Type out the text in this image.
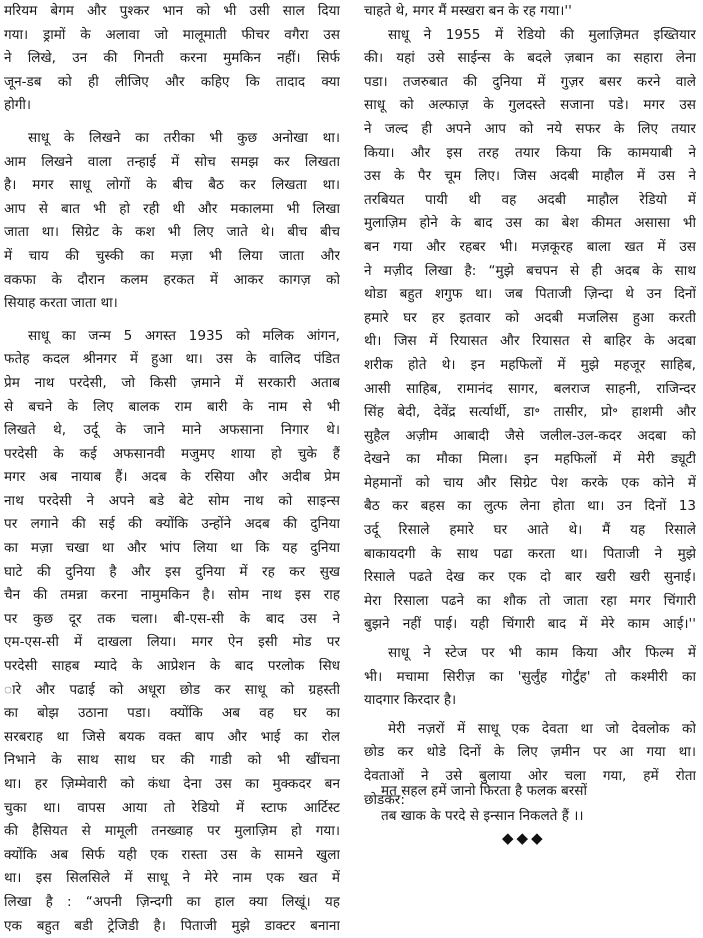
मरियम बेगम और पुश्कर भान को भी उसी साल दिया
गया। ड्रामों के अलावा जो मालूमाती फीचर वगैरा उस
ने लिखे, उन की गिनती करना मुमकिन नहीं। सिर्फ
जून-डब को ही लीजिए और कहिए कि तादाद क्या
होगी।
साधू के लिखने का तरीका भी कुछ अनोखा था।
आम लिखने वाला तन्हाई में सोच समझ कर लिखता
है। मगर साधू लोगों के बीच बैठ कर लिखता था।
आप से बात भी हो रही थी और मकालमा भी लिखा
जाता था। सिग्रेट के कश भी लिए जाते थे। बीच बीच
में चाय की चुस्की का मज़ा भी लिया जाता और
वकफा के दौरान कलम हरकत में आकर कागज़ को
सियाह करता जाता था।
साधू का जन्म 5 अगस्त 1935 को मलिक आंगन,
फतेह कदल श्रीनगर में हुआ था। उस के वालिद पंडित
प्रेम नाथ परदेसी, जो किसी ज़माने में सरकारी अताब
से बचने के लिए बालक राम बारी के नाम से भी
लिखते थे, उर्दू के जाने माने अफसाना निगार थे।
परदेसी के कई अफसानवी मजुमए शाया हो चुके हैं
मगर अब नायाब हैं। अदब के रसिया और अदीब प्रेम
नाथ परदेसी ने अपने बडे बेटे सोम नाथ को साइन्स
पर लगाने की सई की क्योंकि उन्होंने अदब की दुनिया
का मज़ा चखा था और भांप लिया था कि यह दुनिया
घाटे की दुनिया है और इस दुनिया में रह कर सुख
चैन की तमन्ना करना नामुमकिन है। सोम नाथ इस राह
पर कुछ दूर तक चला। बी-एस-सी के बाद उस ने
एम-एस-सी में दाखला लिया। मगर ऐन इसी मोड पर
परदेसी साहब म्यादे के आप्रेशन के बाद परलोक सिध
ारे और पढाई को अधूरा छोड कर साधू को ग्रहस्ती
का बोझ उठाना पडा। क्योंकि अब वह घर का
सरबराह था जिसे बयक वक्त बाप और भाई का रोल
निभाने के साथ साथ घर की गाडी को भी खींचना
था। हर ज़िम्मेवारी को कंधा देना उस का मुक्कदर बन
चुका था। वापस आया तो रेडियो में स्टाफ आर्टिस्ट
की हैसियत से मामूली तनख्वाह पर मुलाज़िम हो गया।
क्योंकि अब सिर्फ यही एक रास्ता उस के सामने खुला
था। इस सिलसिले में साधू ने मेरे नाम एक खत में
लिखा है : “अपनी ज़िन्दगी का हाल क्या लिखूं। यह
एक बहुत बडी ट्रेजिडी है। पिताजी मुझे डाक्टर बनाना
चाहते थे, मगर मैं मस्खरा बन के रह गया।''
साधू ने 1955 में रेडियो की मुलाज़िमत इख्तियार
की। यहां उसे साईन्स के बदले ज़बान का सहारा लेना
पडा। तजरुबात की दुनिया में गुज़र बसर करने वाले
साधू को अल्फाज़ के गुलदस्ते सजाना पडे। मगर उस
ने जल्द ही अपने आप को नये सफर के लिए तयार
किया। और इस तरह तयार किया कि कामयाबी ने
उस के पैर चूम लिए। जिस अदबी माहौल में उस ने
तरबियत पायी थी वह अदबी माहौल रेडियो में
मुलाज़िम होने के बाद उस का बेश कीमत असासा भी
बन गया और रहबर भी। मज़कूरह बाला खत में उस
ने मज़ीद लिखा है: “मुझे बचपन से ही अदब के साथ
थोडा बहुत शगुफ था। जब पिताजी ज़िन्दा थे उन दिनों
हमारे घर हर इतवार को अदबी मजलिस हुआ करती
थी। जिस में रियासत और रियासत से बाहिर के अदबा
शरीक होते थे। इन महफिलों में मुझे महजूर साहिब,
आसी साहिब, रामानंद सागर, बलराज साहनी, राजिन्दर
सिंह बेदी, देवेंद्र सर्त्यार्थी, डा॰ तासीर, प्रो॰ हाशमी और
सुहैल अज़ीम आबादी जैसे जलील-उल-कदर अदबा को
देखने का मौका मिला। इन महफिलों में मेरी ड्यूटी
मेहमानों को चाय और सिग्रेट पेश करके एक कोने में
बैठ कर बहस का लुत्फ लेना होता था। उन दिनों 13
उर्दू रिसाले हमारे घर आते थे। मैं यह रिसाले
बाकायदगी के साथ पढा करता था। पिताजी ने मुझे
रिसाले पढते देख कर एक दो बार खरी खरी सुनाई।
मेरा रिसाला पढने का शौक तो जाता रहा मगर चिंगारी
बुझने नहीं पाई। यही चिंगारी बाद में मेरे काम आई।''
साधू ने स्टेज पर भी काम किया और फिल्म में
भी। मचामा सिरीज़ का 'सुर्लुंह गोर्टुंह' तो कश्मीरी का
यादगार किरदार है।
मेरी नज़रों में साधू एक देवता था जो देवलोक को
छोड कर थोडे दिनों के लिए ज़मीन पर आ गया था।
देवताओं ने उसे बुलाया ओर चला गया, हमें रोता
छोडकर:
मत सहल हमें जानो फिरता है फलक बरसों
तब खाक के परदे से इन्सान निकलते हैं ।।
◆◆◆
